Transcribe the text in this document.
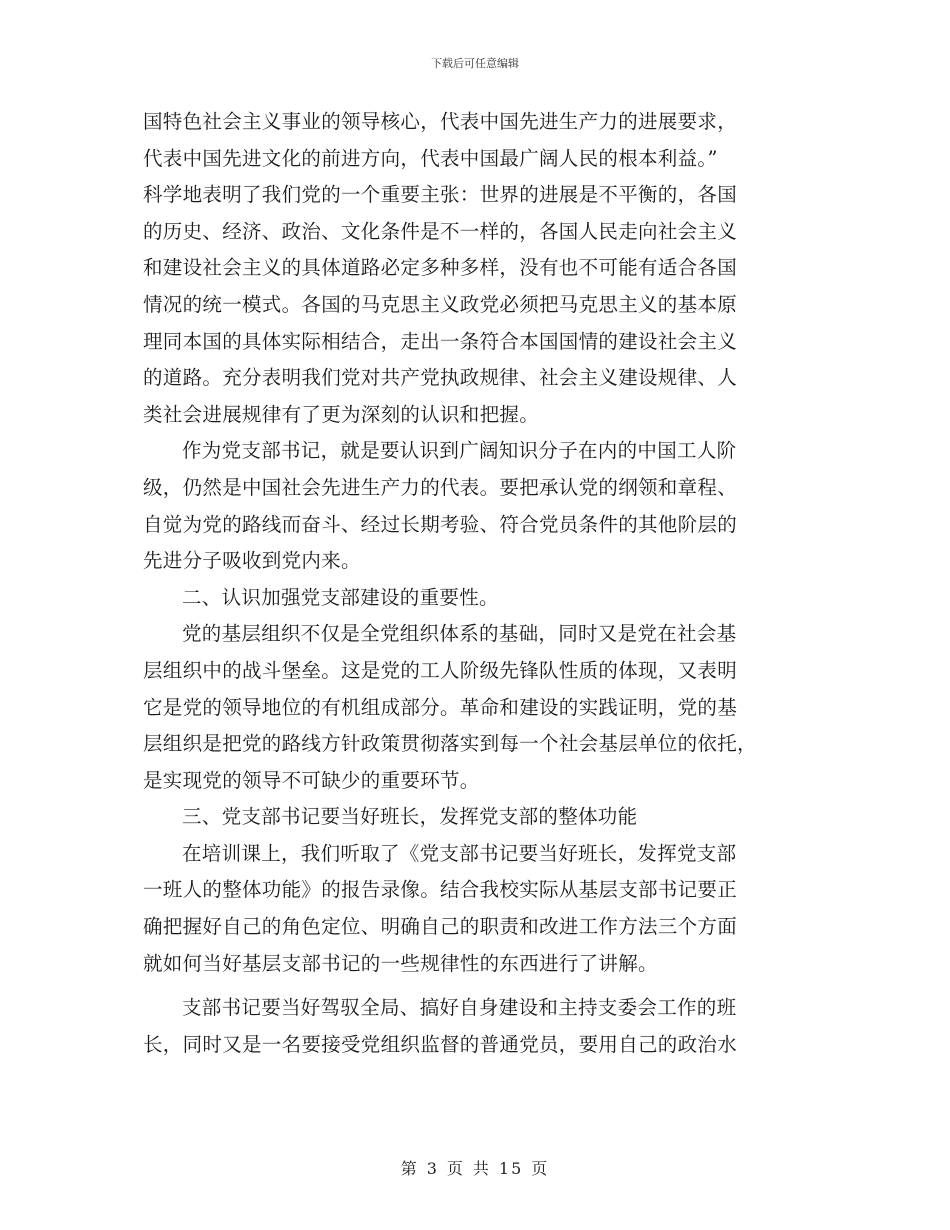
下载后可任意编辑
国特色社会主义事业的领导核心，代表中国先进生产力的进展要求，
代表中国先进文化的前进方向，代表中国最广阔人民的根本利益。”
科学地表明了我们党的一个重要主张：世界的进展是不平衡的，各国
的历史、经济、政治、文化条件是不一样的，各国人民走向社会主义
和建设社会主义的具体道路必定多种多样，没有也不可能有适合各国
情况的统一模式。各国的马克思主义政党必须把马克思主义的基本原
理同本国的具体实际相结合，走出一条符合本国国情的建设社会主义
的道路。充分表明我们党对共产党执政规律、社会主义建设规律、人
类社会进展规律有了更为深刻的认识和把握。
作为党支部书记，就是要认识到广阔知识分子在内的中国工人阶
级，仍然是中国社会先进生产力的代表。要把承认党的纲领和章程、
自觉为党的路线而奋斗、经过长期考验、符合党员条件的其他阶层的
先进分子吸收到党内来。
二、认识加强党支部建设的重要性。
党的基层组织不仅是全党组织体系的基础，同时又是党在社会基
层组织中的战斗堡垒。这是党的工人阶级先锋队性质的体现，又表明
它是党的领导地位的有机组成部分。革命和建设的实践证明，党的基
层组织是把党的路线方针政策贯彻落实到每一个社会基层单位的依托，
是实现党的领导不可缺少的重要环节。
三、党支部书记要当好班长，发挥党支部的整体功能
在培训课上，我们听取了《党支部书记要当好班长，发挥党支部
一班人的整体功能》的报告录像。结合我校实际从基层支部书记要正
确把握好自己的角色定位、明确自己的职责和改进工作方法三个方面
就如何当好基层支部书记的一些规律性的东西进行了讲解。
支部书记要当好驾驭全局、搞好自身建设和主持支委会工作的班
长，同时又是一名要接受党组织监督的普通党员，要用自己的政治水
第 3 页 共 15 页
